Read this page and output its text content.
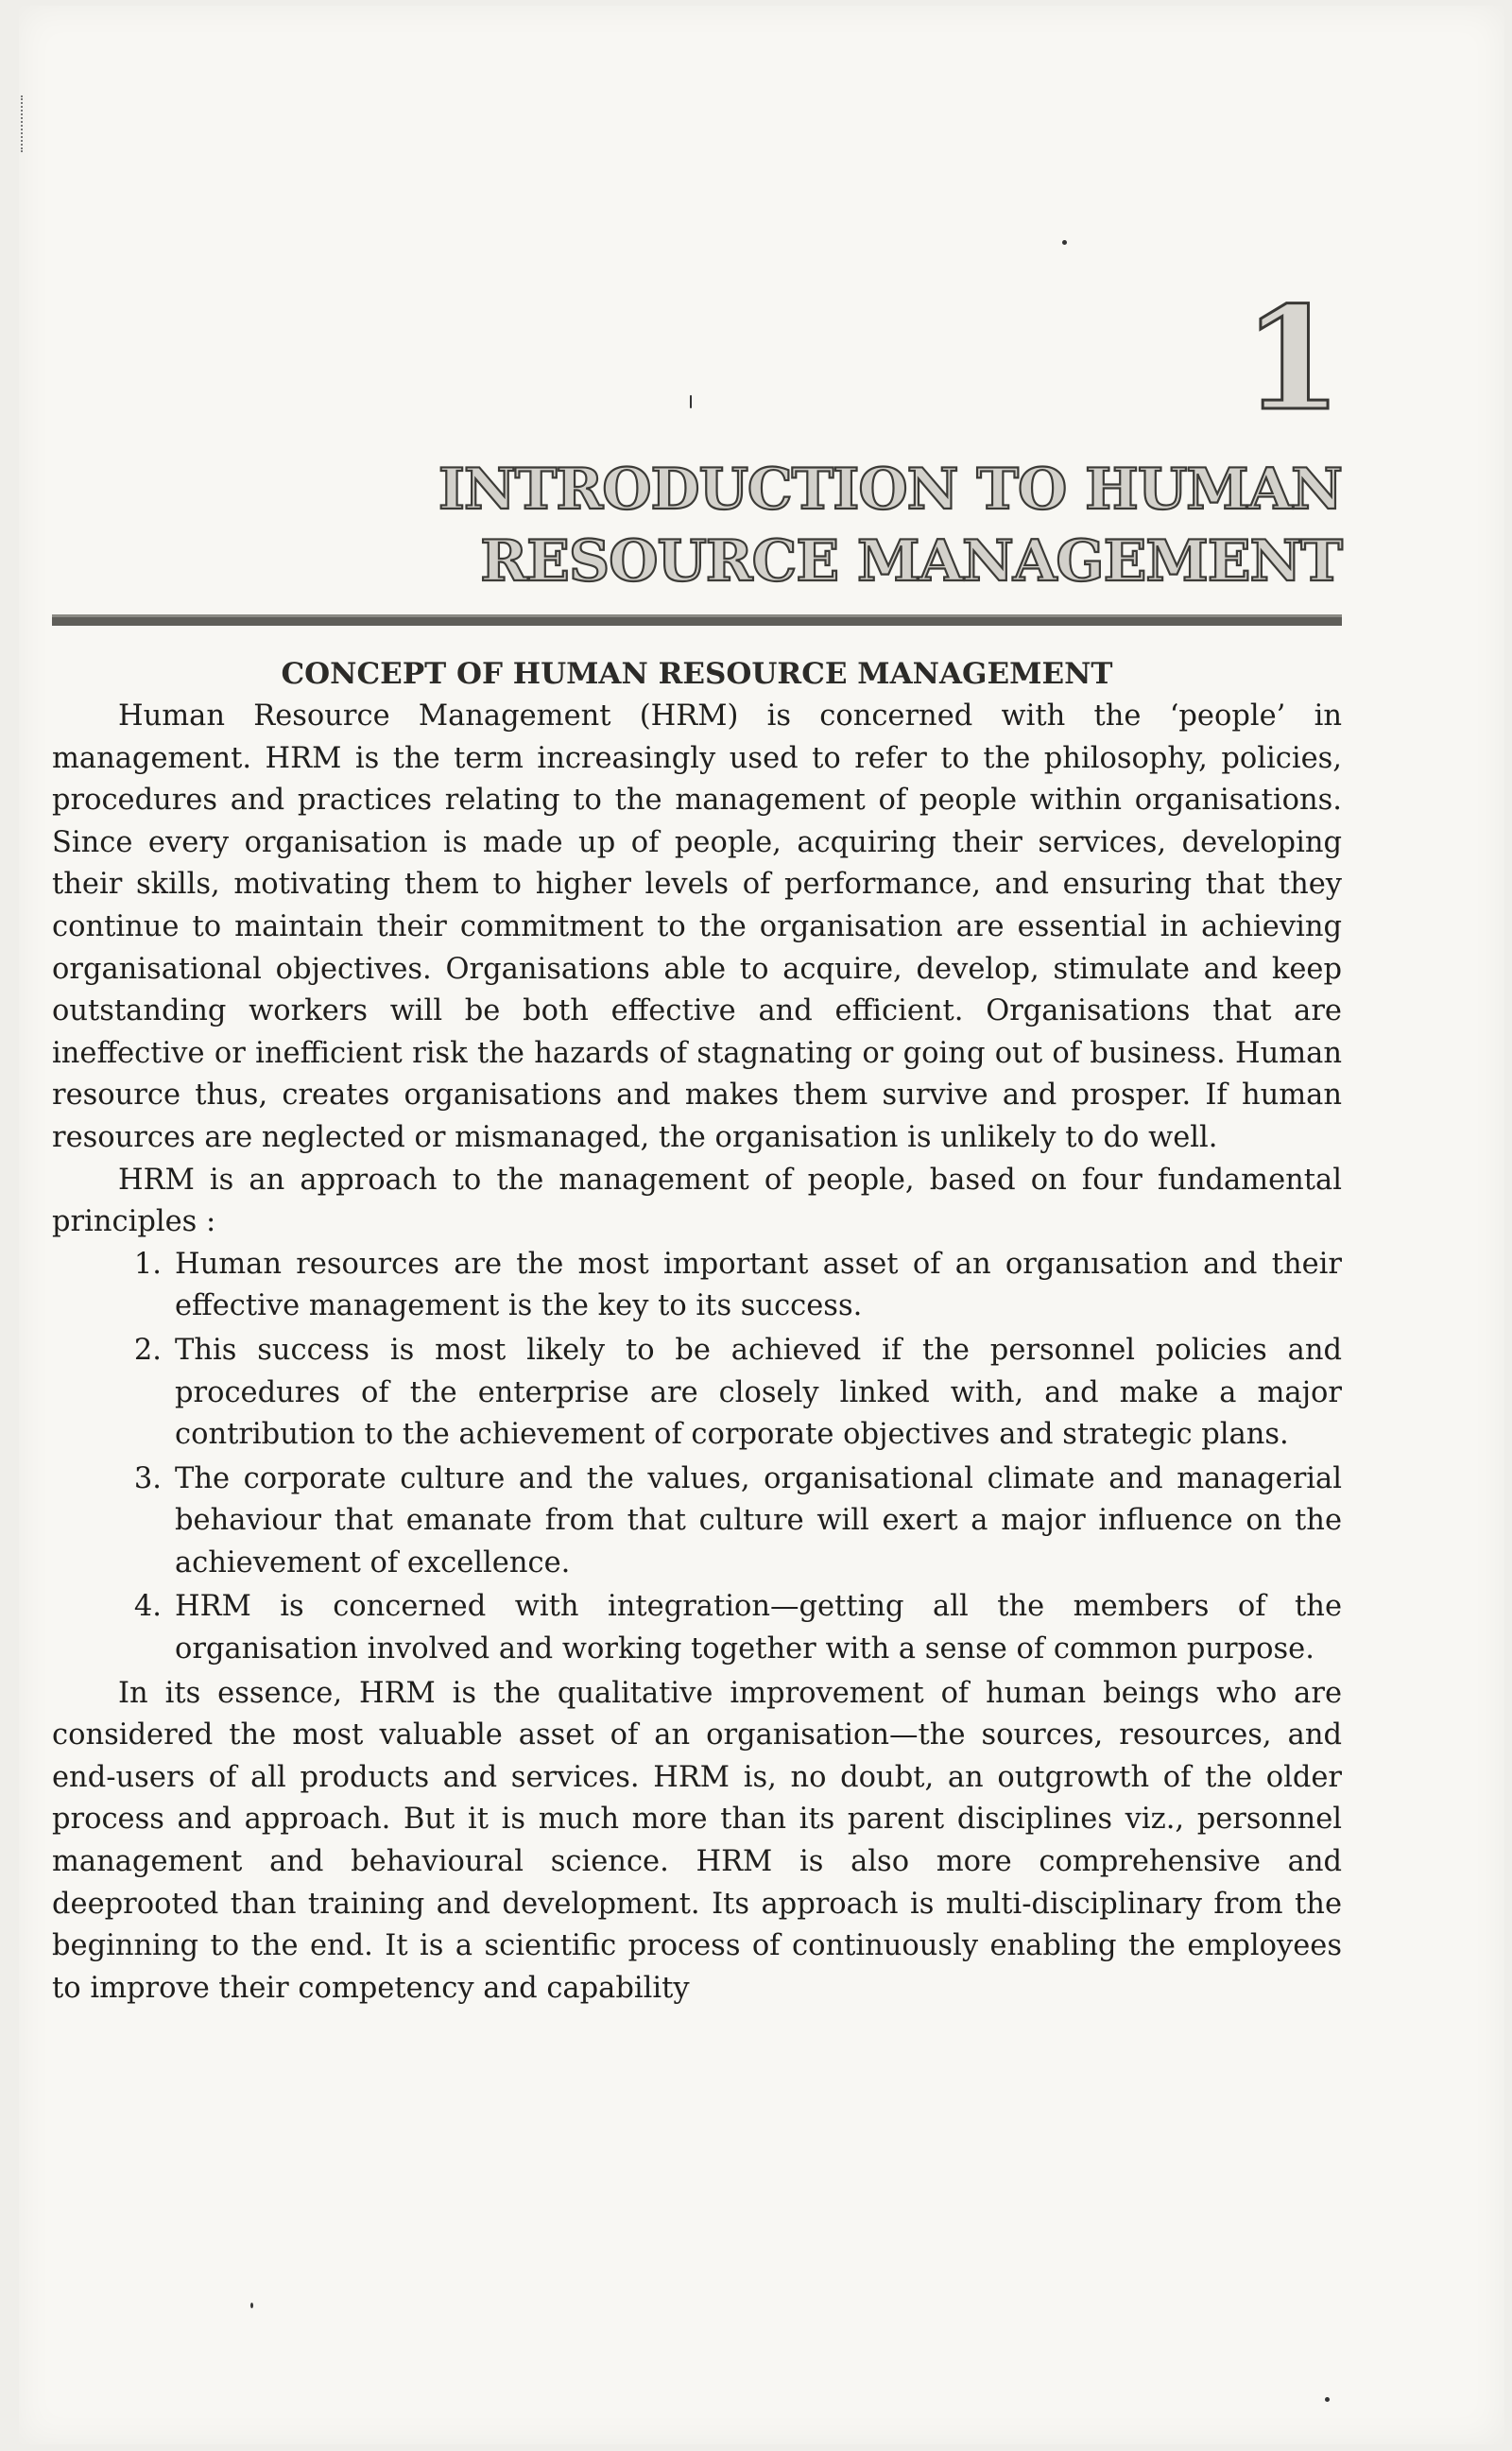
1
INTRODUCTION TO HUMAN
RESOURCE MANAGEMENT
CONCEPT OF HUMAN RESOURCE MANAGEMENT

Human Resource Management (HRM) is concerned with the ‘people’ in management. HRM is the term increasingly used to refer to the philosophy, policies, procedures and practices relating to the management of people within organisations. Since every organisation is made up of people, acquiring their services, developing their skills, motivating them to higher levels of performance, and ensuring that they continue to maintain their commitment to the organisation are essential in achieving organisational objectives. Organisations able to acquire, develop, stimulate and keep outstanding workers will be both effective and efficient. Organisations that are ineffective or inefficient risk the hazards of stagnating or going out of business. Human resource thus, creates organisations and makes them survive and prosper. If human resources are neglected or mismanaged, the organisation is unlikely to do well.

HRM is an approach to the management of people, based on four fundamental principles :

1. Human resources are the most important asset of an organısation and their effective management is the key to its success.
2. This success is most likely to be achieved if the personnel policies and procedures of the enterprise are closely linked with, and make a major contribution to the achievement of corporate objectives and strategic plans.
3. The corporate culture and the values, organisational climate and managerial behaviour that emanate from that culture will exert a major influence on the achievement of excellence.
4. HRM is concerned with integration—getting all the members of the organisation involved and working together with a sense of common purpose.

In its essence, HRM is the qualitative improvement of human beings who are considered the most valuable asset of an organisation—the sources, resources, and end-users of all products and services. HRM is, no doubt, an outgrowth of the older process and approach. But it is much more than its parent disciplines viz., personnel management and behavioural science. HRM is also more comprehensive and deeprooted than training and development. Its approach is multi-disciplinary from the beginning to the end. It is a scientific process of continuously enabling the employees to improve their competency and capability
